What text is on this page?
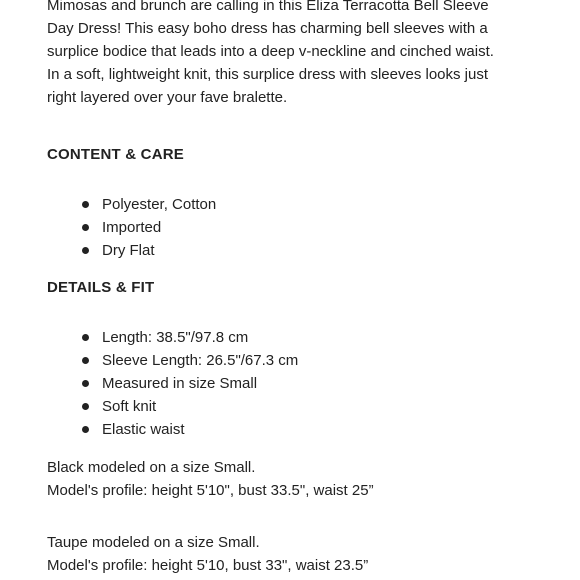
Mimosas and brunch are calling in this Eliza Terracotta Bell Sleeve

Day Dress! This easy boho dress has charming bell sleeves with a

surplice bodice that leads into a deep v-neckline and cinched waist.

In a soft, lightweight knit, this surplice dress with sleeves looks just

right layered over your fave bralette.

CONTENT & CARE
Polyester, Cotton
Imported
Dry Flat
DETAILS & FIT
Length: 38.5"/97.8 cm
Sleeve Length: 26.5"/67.3 cm
Measured in size Small
Soft knit
Elastic waist

Black modeled on a size Small.

Model's profile: height 5'10", bust 33.5", waist 25”

Taupe modeled on a size Small.

Model's profile: height 5'10, bust 33", waist 23.5”
